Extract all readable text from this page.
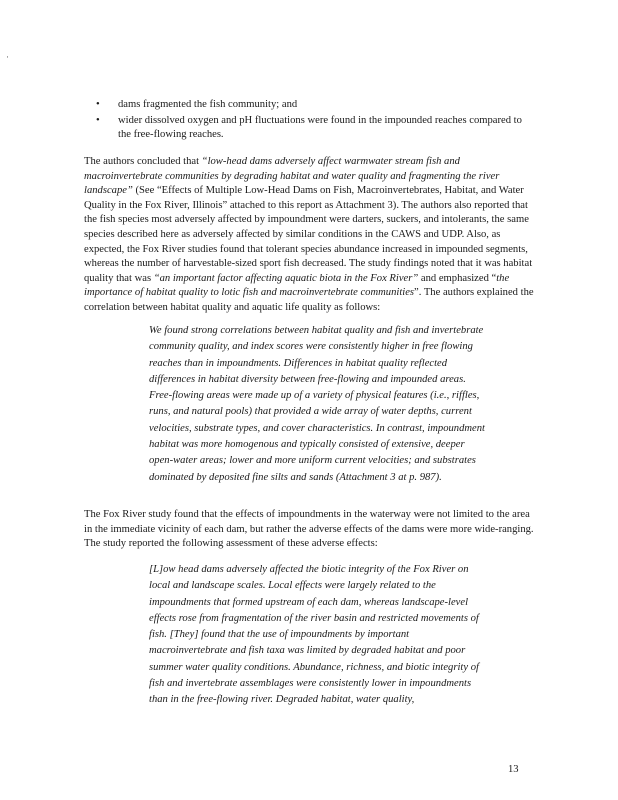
·
• dams fragmented the fish community; and
• wider dissolved oxygen and pH fluctuations were found in the impounded reaches compared to the free-flowing reaches.

The authors concluded that “low-head dams adversely affect warmwater stream fish and macroinvertebrate communities by degrading habitat and water quality and fragmenting the river landscape” (See “Effects of Multiple Low-Head Dams on Fish, Macroinvertebrates, Habitat, and Water Quality in the Fox River, Illinois” attached to this report as Attachment 3). The authors also reported that the fish species most adversely affected by impoundment were darters, suckers, and intolerants, the same species described here as adversely affected by similar conditions in the CAWS and UDP. Also, as expected, the Fox River studies found that tolerant species abundance increased in impounded segments, whereas the number of harvestable-sized sport fish decreased. The study findings noted that it was habitat quality that was “an important factor affecting aquatic biota in the Fox River” and emphasized “the importance of habitat quality to lotic fish and macroinvertebrate communities”. The authors explained the correlation between habitat quality and aquatic life quality as follows:

We found strong correlations between habitat quality and fish and invertebrate community quality, and index scores were consistently higher in free flowing reaches than in impoundments. Differences in habitat quality reflected differences in habitat diversity between free-flowing and impounded areas. Free-flowing areas were made up of a variety of physical features (i.e., riffles, runs, and natural pools) that provided a wide array of water depths, current velocities, substrate types, and cover characteristics. In contrast, impoundment habitat was more homogenous and typically consisted of extensive, deeper open-water areas; lower and more uniform current velocities; and substrates dominated by deposited fine silts and sands (Attachment 3 at p. 987).

The Fox River study found that the effects of impoundments in the waterway were not limited to the area in the immediate vicinity of each dam, but rather the adverse effects of the dams were more wide-ranging. The study reported the following assessment of these adverse effects:

[L]ow head dams adversely affected the biotic integrity of the Fox River on local and landscape scales. Local effects were largely related to the impoundments that formed upstream of each dam, whereas landscape-level effects rose from fragmentation of the river basin and restricted movements of fish. [They] found that the use of impoundments by important macroinvertebrate and fish taxa was limited by degraded habitat and poor summer water quality conditions. Abundance, richness, and biotic integrity of fish and invertebrate assemblages were consistently lower in impoundments than in the free-flowing river. Degraded habitat, water quality,

13
